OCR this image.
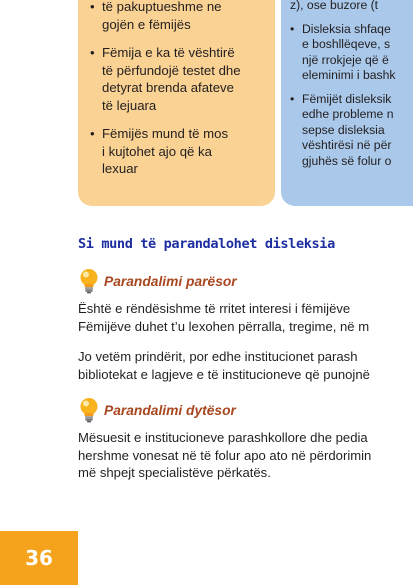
• të pakuptueshme ne
gojën e fëmijës
• Fëmija e ka të vështirë
të përfundojë testet dhe
detyrat brenda afateve
të lejuara
• Fëmijës mund të mos
i kujtohet ajo që ka
lexuar
z), ose buzore (t
• Disleksia shfaqe
e boshllëqeve, s
një rrokjeje që ë
eleminimi i bashk
• Fëmijët disleksik
edhe probleme n
sepse disleksia
vështirësi në për
gjuhës së folur o
Si mund të parandalohet disleksia
Parandalimi parësor

Është e rëndësishme të rritet interesi i fëmijëve
Fëmijëve duhet t’u lexohen përralla, tregime, në m

Jo vetëm prindërit, por edhe institucionet parash
bibliotekat e lagjeve e të institucioneve që punojnë

Parandalimi dytësor

Mësuesit e institucioneve parashkollore dhe pedia
hershme vonesat në të folur apo ato në përdorimin
më shpejt specialistëve përkatës.

36
